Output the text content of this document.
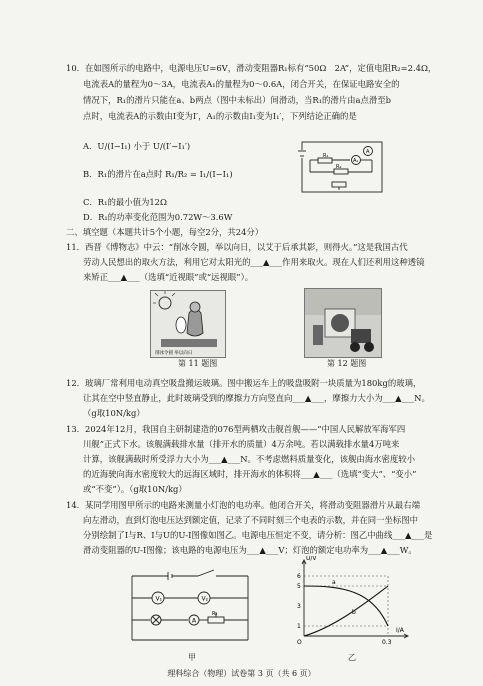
10．在如图所示的电路中，电源电压U=6V，滑动变阻器R₁标有“50Ω　2A”，定值电阻R₂=2.4Ω，
电流表A的量程为0～3A，电流表A₁的量程为0～0.6A，闭合开关，在保证电路安全的
情况下，R₁的滑片只能在a、b两点（图中未标出）间滑动，当R₁的滑片由a点滑至b
点时，电流表A的示数由I变为I′，A₁的示数由I₁变为I₁′，下列结论正确的是
A．U/(I−I₁) 小于 U/(I′−I₁′)
B．R₁的滑片在a点时 R₁/R₂ = I₁/(I−I₁)
C．R₁的最小值为12Ω
D．R₁的功率变化范围为0.72W～3.6W
R₁
A₁
A
R₂
二、填空题（本题共计5个小题，每空2分，共24分）
11．西晋《博物志》中云：“削冰令圆，举以向日，以艾于后承其影，则得火。”这是我国古代
劳动人民想出的取火方法，利用它对太阳光的___▲___作用来取火。现在人们还利用这种透镜
来矫正___▲___（选填“近视眼”或“远视眼”）。
削冰令圆 举以向日
第 11 题图	第 12 题图
12．玻璃厂常利用电动真空吸盘搬运玻璃。图中搬运车上的吸盘吸附一块质量为180kg的玻璃，
让其在空中竖直静止，此时玻璃受到的摩擦力方向竖直向___▲___，摩擦力大小为___▲___N。
（g取10N/kg）
13．2024年12月，我国自主研制建造的076型两栖攻击舰首舰——“中国人民解放军海军四
川舰”正式下水。该舰满载排水量（排开水的质量）4万余吨。若以满载排水量4万吨来
计算，该舰满载时所受浮力大小为___▲___N。不考虑燃料质量变化，该舰由海水密度较小
的近海驶向海水密度较大的远海区域时，排开海水的体积将___▲___（选填“变大”、“变小”
或“不变”）。（g取10N/kg）
14．某同学用图甲所示的电路来测量小灯泡的电功率。他闭合开关，将滑动变阻器滑片从最右端
向左滑动，直到灯泡电压达到额定值，记录了不同时刻三个电表的示数，并在同一坐标图中
分别绘制了I与R、I与U的U-I图像如图乙。电源电压恒定不变，请分析：图乙中曲线___▲___是
滑动变阻器的U-I图像；该电路的电源电压为___▲___V；灯泡的额定电功率为___▲___W。
V₁	V₂
A
R₁
甲
U/V
I/A
6
5
3
1
O	0.3
a
b
乙
理科综合（物理）试卷第 3 页（共 6 页）
